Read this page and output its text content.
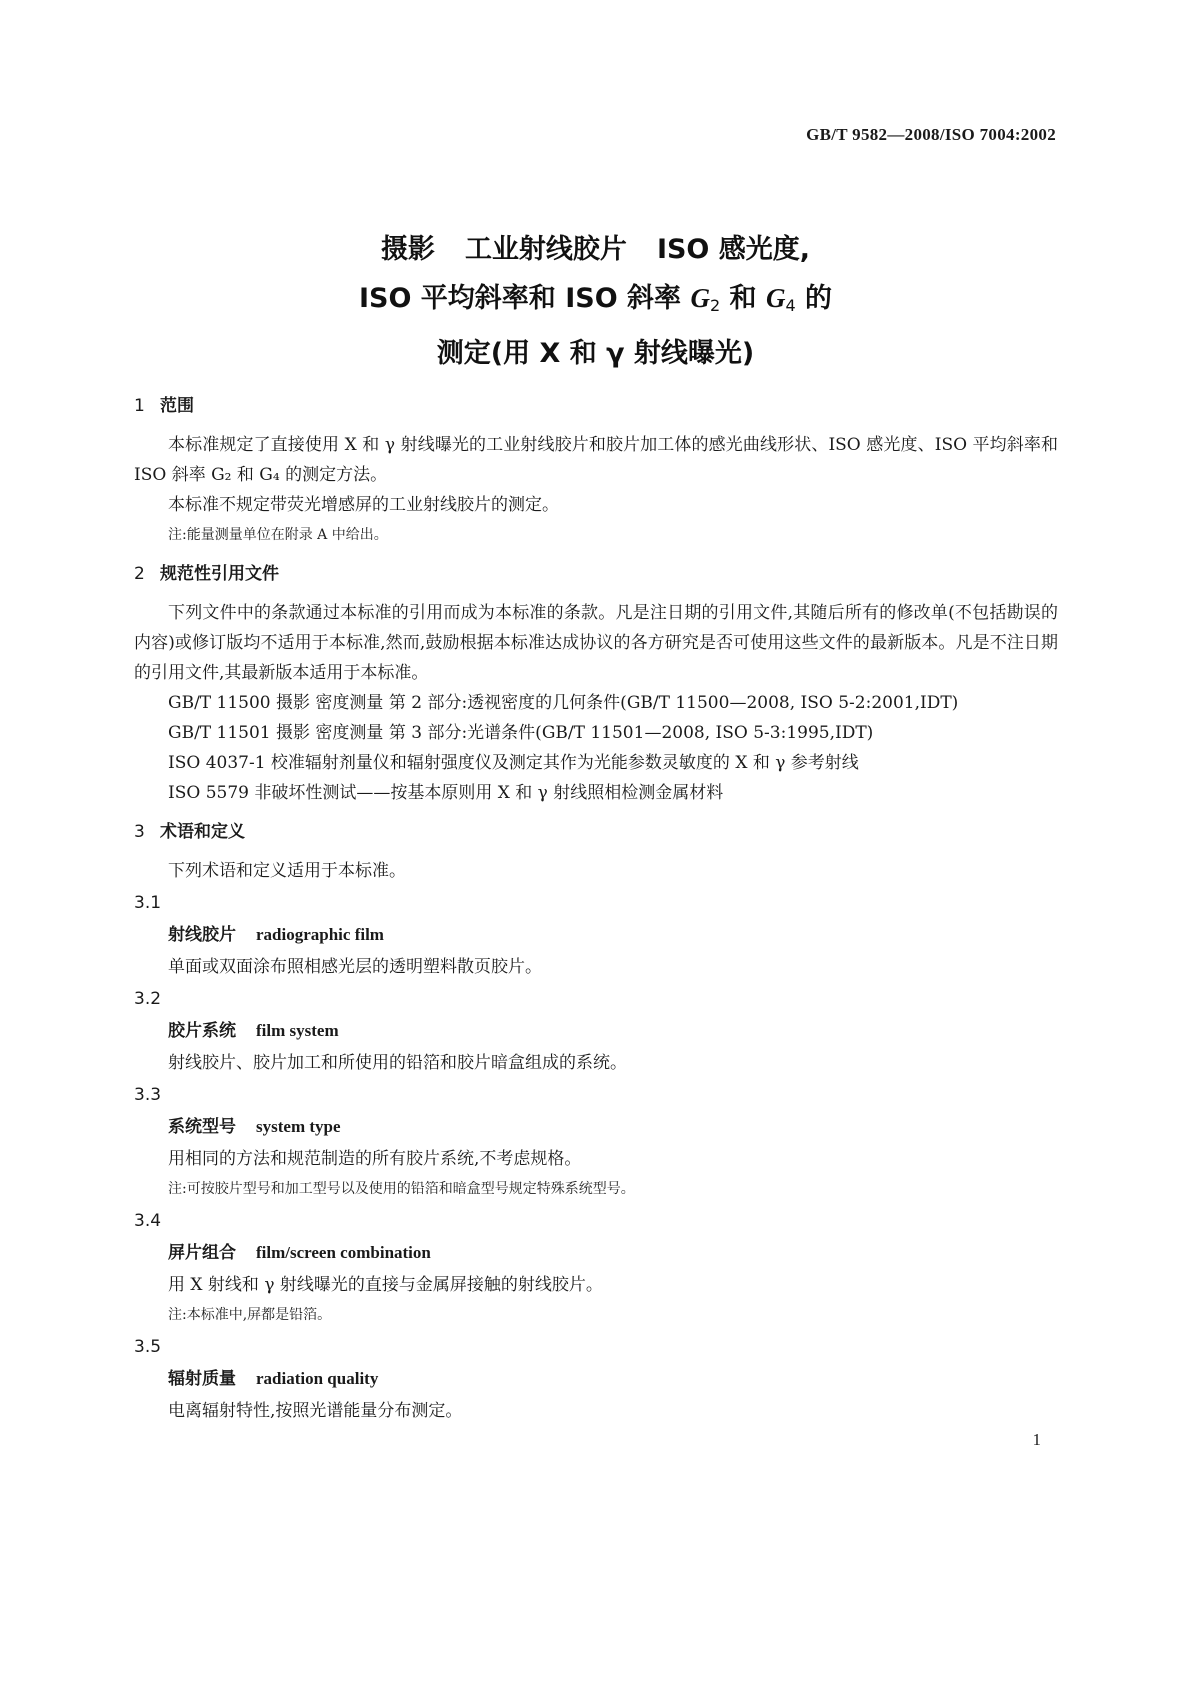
GB/T 9582—2008/ISO 7004:2002
摄影 工业射线胶片 ISO 感光度,
ISO 平均斜率和 ISO 斜率 $G_2$ 和 $G_4$ 的
测定(用 X 和 γ 射线曝光)
1 范围

本标准规定了直接使用 X 和 γ 射线曝光的工业射线胶片和胶片加工体的感光曲线形状、ISO 感光度、ISO 平均斜率和 ISO 斜率 G₂ 和 G₄ 的测定方法。

本标准不规定带荧光增感屏的工业射线胶片的测定。

注:能量测量单位在附录 A 中给出。

2 规范性引用文件

下列文件中的条款通过本标准的引用而成为本标准的条款。凡是注日期的引用文件,其随后所有的修改单(不包括勘误的内容)或修订版均不适用于本标准,然而,鼓励根据本标准达成协议的各方研究是否可使用这些文件的最新版本。凡是不注日期的引用文件,其最新版本适用于本标准。

GB/T 11500 摄影 密度测量 第 2 部分:透视密度的几何条件(GB/T 11500—2008, ISO 5-2:2001,IDT)

GB/T 11501 摄影 密度测量 第 3 部分:光谱条件(GB/T 11501—2008, ISO 5-3:1995,IDT)

ISO 4037-1 校准辐射剂量仪和辐射强度仪及测定其作为光能参数灵敏度的 X 和 γ 参考射线

ISO 5579 非破坏性测试——按基本原则用 X 和 γ 射线照相检测金属材料

3 术语和定义

下列术语和定义适用于本标准。

3.1
射线胶片 radiographic film

单面或双面涂布照相感光层的透明塑料散页胶片。

3.2
胶片系统 film system

射线胶片、胶片加工和所使用的铅箔和胶片暗盒组成的系统。

3.3
系统型号 system type

用相同的方法和规范制造的所有胶片系统,不考虑规格。

注:可按胶片型号和加工型号以及使用的铅箔和暗盒型号规定特殊系统型号。

3.4
屏片组合 film/screen combination

用 X 射线和 γ 射线曝光的直接与金属屏接触的射线胶片。

注:本标准中,屏都是铅箔。

3.5
辐射质量 radiation quality

电离辐射特性,按照光谱能量分布测定。

1
